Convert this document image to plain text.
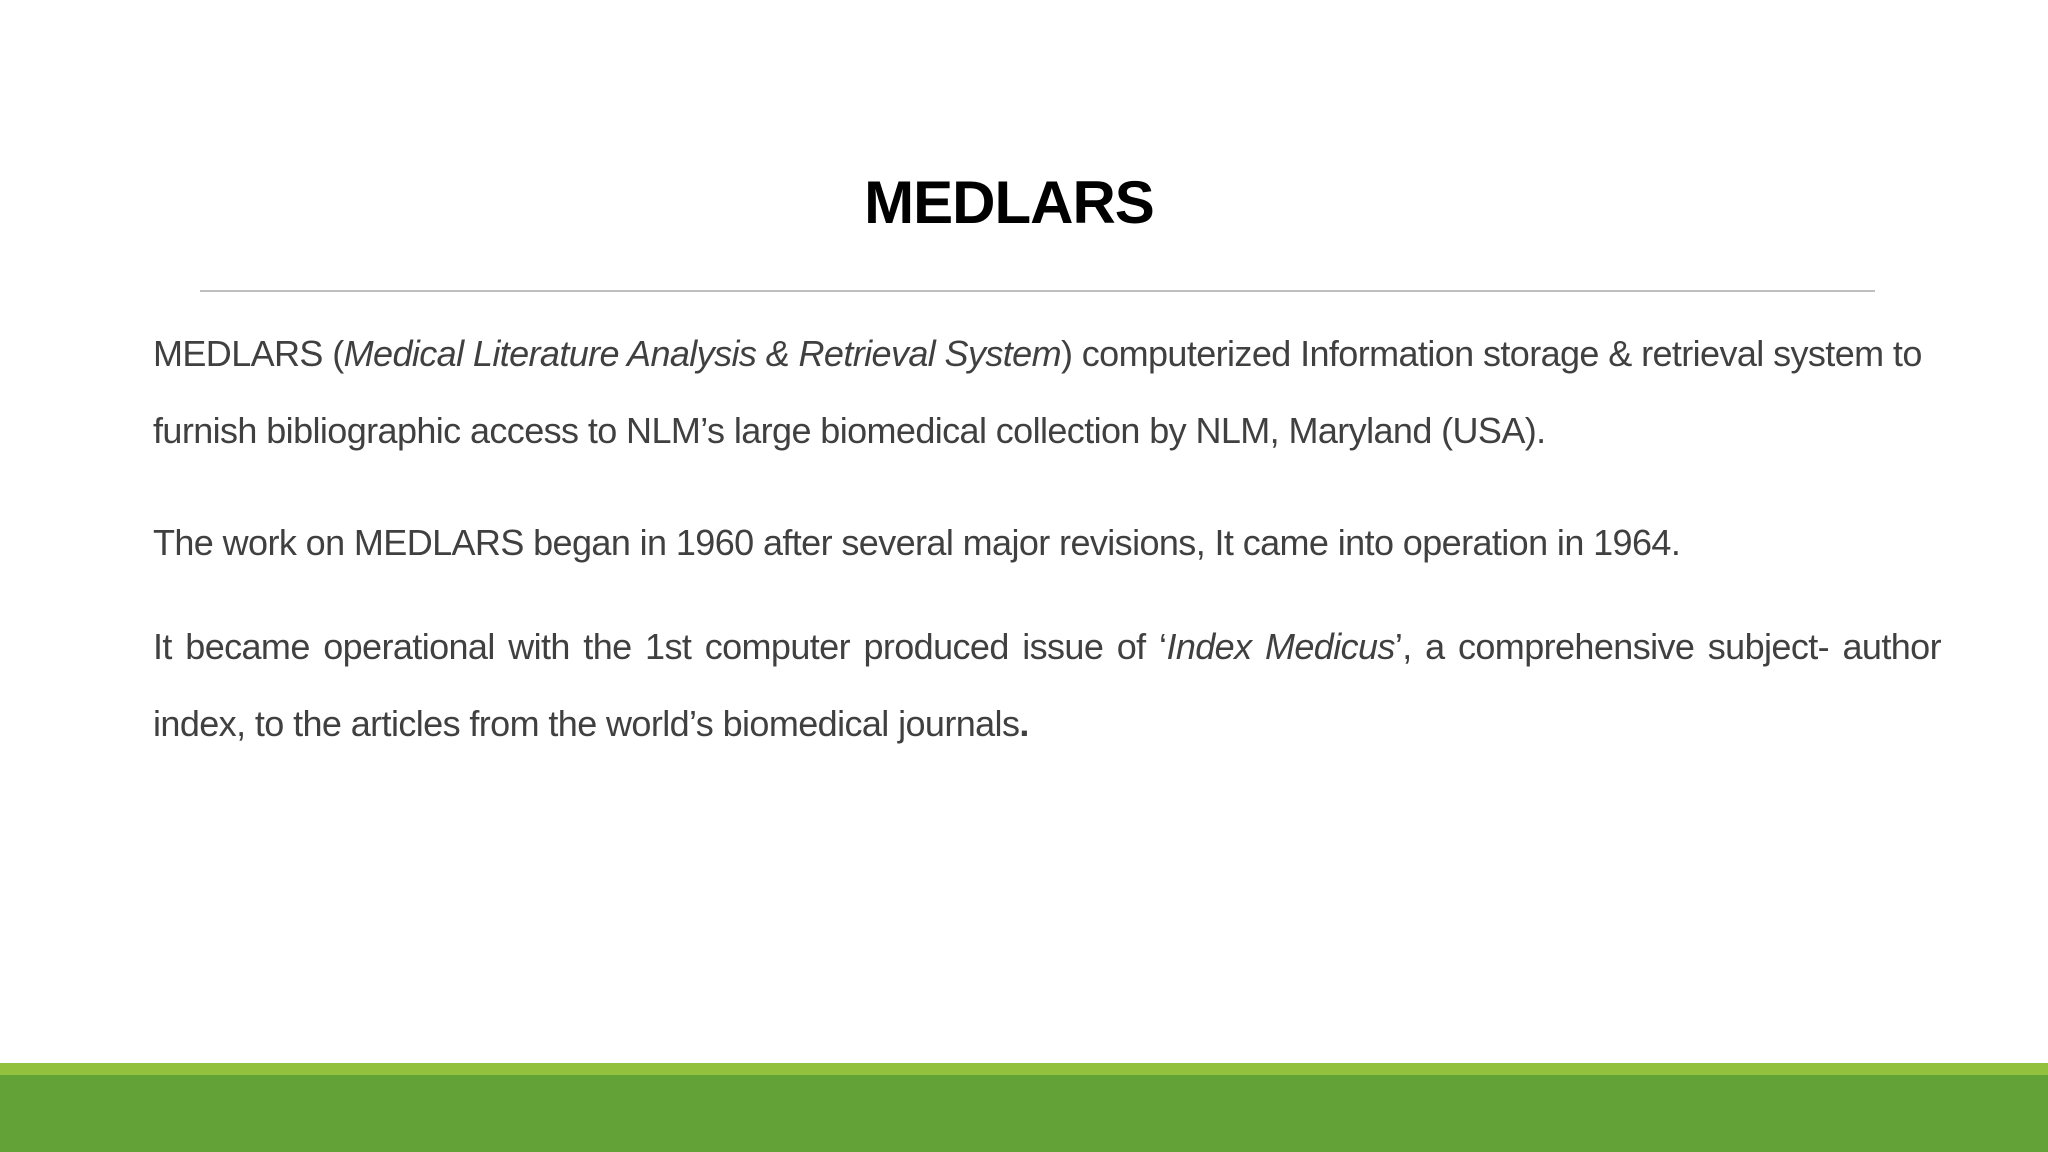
MEDLARS

MEDLARS (Medical Literature Analysis & Retrieval System) computerized Information storage & retrieval system to furnish bibliographic access to NLM’s large biomedical collection by NLM, Maryland (USA).

The work on MEDLARS began in 1960 after several major revisions, It came into operation in 1964.

It became operational with the 1st computer produced issue of ‘Index Medicus’, a comprehensive subject- author index, to the articles from the world’s biomedical journals.
